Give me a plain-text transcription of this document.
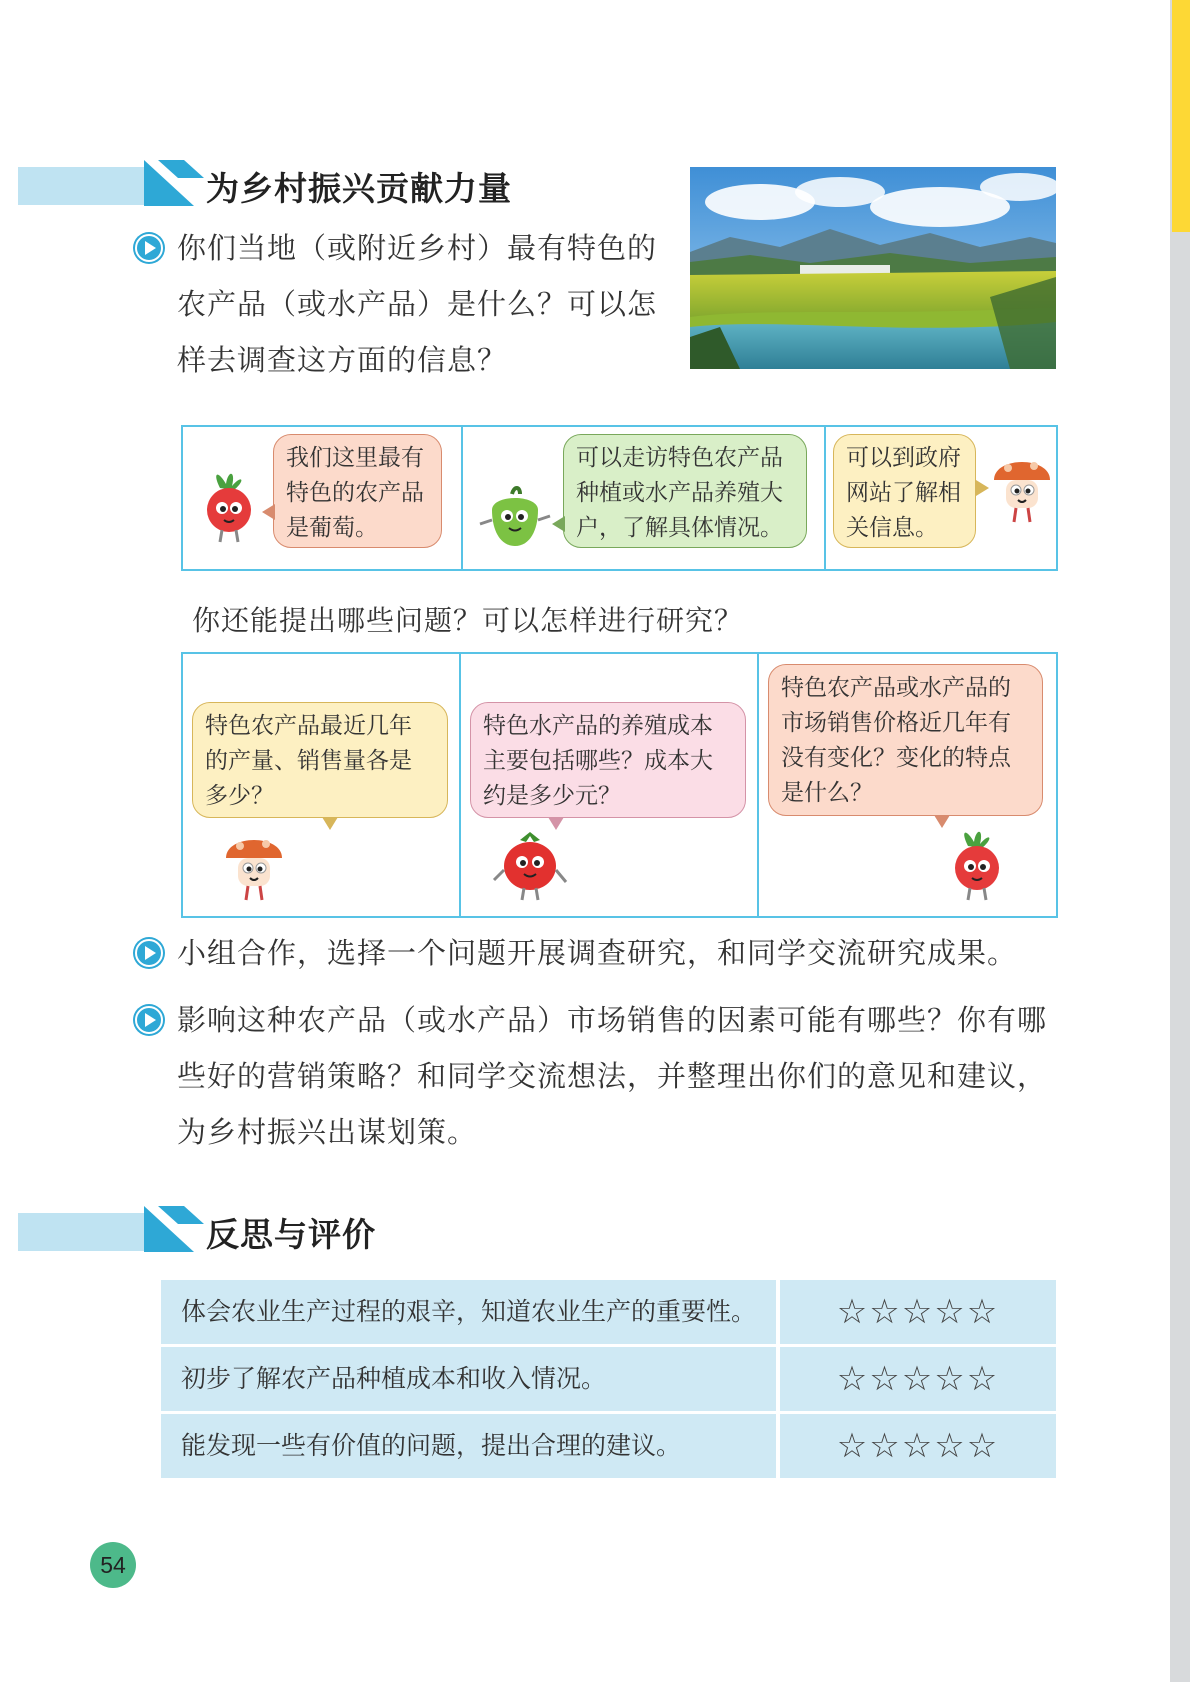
为乡村振兴贡献力量
你们当地（或附近乡村）最有特色的
农产品（或水产品）是什么？可以怎
样去调查这方面的信息？
我们这里最有
特色的农产品
是葡萄。
可以走访特色农产品
种植或水产品养殖大
户，了解具体情况。
可以到政府
网站了解相
关信息。
你还能提出哪些问题？可以怎样进行研究？
特色农产品最近几年
的产量、销售量各是
多少？
特色水产品的养殖成本
主要包括哪些？成本大
约是多少元？
特色农产品或水产品的
市场销售价格近几年有
没有变化？变化的特点
是什么？
小组合作，选择一个问题开展调查研究，和同学交流研究成果。
影响这种农产品（或水产品）市场销售的因素可能有哪些？你有哪
些好的营销策略？和同学交流想法，并整理出你们的意见和建议，
为乡村振兴出谋划策。
反思与评价
体会农业生产过程的艰辛，知道农业生产的重要性。	☆☆☆☆☆
初步了解农产品种植成本和收入情况。	☆☆☆☆☆
能发现一些有价值的问题，提出合理的建议。	☆☆☆☆☆
54
